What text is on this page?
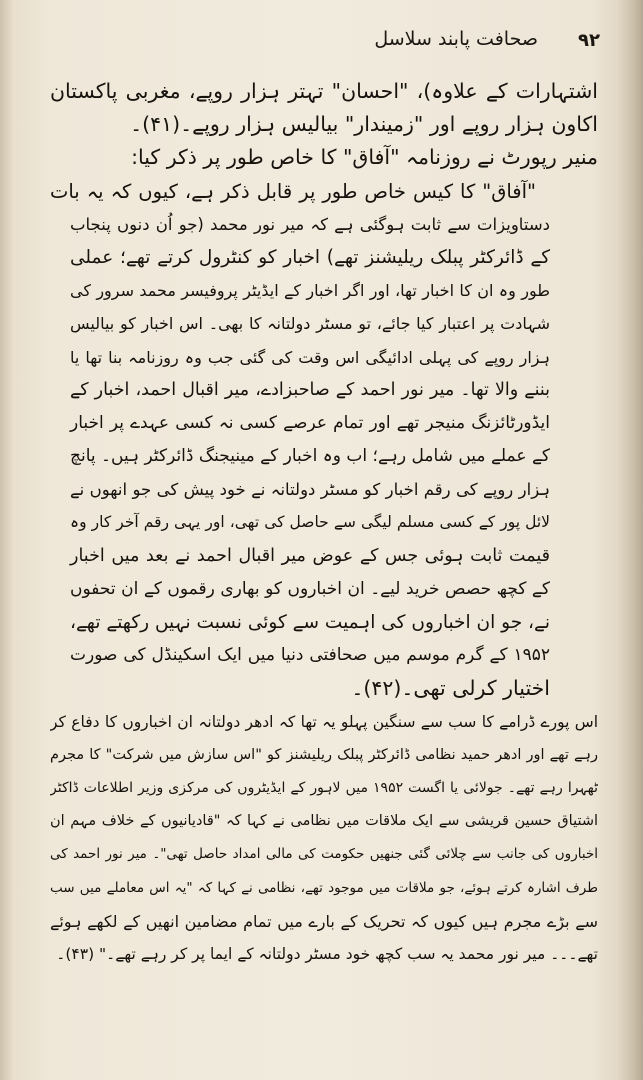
۹۲
صحافت پابند سلاسل
اشتہارات کے علاوہ)، "احسان" تہتر ہزار روپے، مغربی پاکستان
اکاون ہزار روپے اور "زمیندار" بیالیس ہزار روپے۔(۴۱)۔
منیر رپورٹ نے روزنامہ "آفاق" کا خاص طور پر ذکر کیا:
"آفاق" کا کیس خاص طور پر قابل ذکر ہے، کیوں کہ یہ بات
دستاویزات سے ثابت ہوگئی ہے کہ میر نور محمد (جو اُن دنوں پنجاب
کے ڈائرکٹر پبلک ریلیشنز تھے) اخبار کو کنٹرول کرتے تھے؛ عملی
طور وہ ان کا اخبار تھا، اور اگر اخبار کے ایڈیٹر پروفیسر محمد سرور کی
شہادت پر اعتبار کیا جائے، تو مسٹر دولتانہ کا بھی۔ اس اخبار کو بیالیس
ہزار روپے کی پہلی ادائیگی اس وقت کی گئی جب وہ روزنامہ بنا تھا یا
بننے والا تھا۔ میر نور احمد کے صاحبزادے، میر اقبال احمد، اخبار کے
ایڈورٹائزنگ منیجر تھے اور تمام عرصے کسی نہ کسی عہدے پر اخبار
کے عملے میں شامل رہے؛ اب وہ اخبار کے مینیجنگ ڈائرکٹر ہیں۔ پانچ
ہزار روپے کی رقم اخبار کو مسٹر دولتانہ نے خود پیش کی جو انھوں نے
لائل پور کے کسی مسلم لیگی سے حاصل کی تھی، اور یہی رقم آخر کار وہ
قیمت ثابت ہوئی جس کے عوض میر اقبال احمد نے بعد میں اخبار
کے کچھ حصص خرید لیے۔ ان اخباروں کو بھاری رقموں کے ان تحفوں
نے، جو ان اخباروں کی اہمیت سے کوئی نسبت نہیں رکھتے تھے،
۱۹۵۲ کے گرم موسم میں صحافتی دنیا میں ایک اسکینڈل کی صورت
اختیار کرلی تھی۔(۴۲)۔
اس پورے ڈرامے کا سب سے سنگین پہلو یہ تھا کہ ادھر دولتانہ ان اخباروں کا دفاع کر
رہے تھے اور ادھر حمید نظامی ڈائرکٹر پبلک ریلیشنز کو "اس سازش میں شرکت" کا مجرم
ٹھہرا رہے تھے۔ جولائی یا اگست ۱۹۵۲ میں لاہور کے ایڈیٹروں کی مرکزی وزیر اطلاعات ڈاکٹر
اشتیاق حسین قریشی سے ایک ملاقات میں نظامی نے کہا کہ "قادیانیوں کے خلاف مہم ان
اخباروں کی جانب سے چلائی گئی جنھیں حکومت کی مالی امداد حاصل تھی"۔ میر نور احمد کی
طرف اشارہ کرتے ہوئے، جو ملاقات میں موجود تھے، نظامی نے کہا کہ "یہ اس معاملے میں سب
سے بڑے مجرم ہیں کیوں کہ تحریک کے بارے میں تمام مضامین انھیں کے لکھے ہوئے
تھے۔۔۔ میر نور محمد یہ سب کچھ خود مسٹر دولتانہ کے ایما پر کر رہے تھے۔" (۴۳)۔
